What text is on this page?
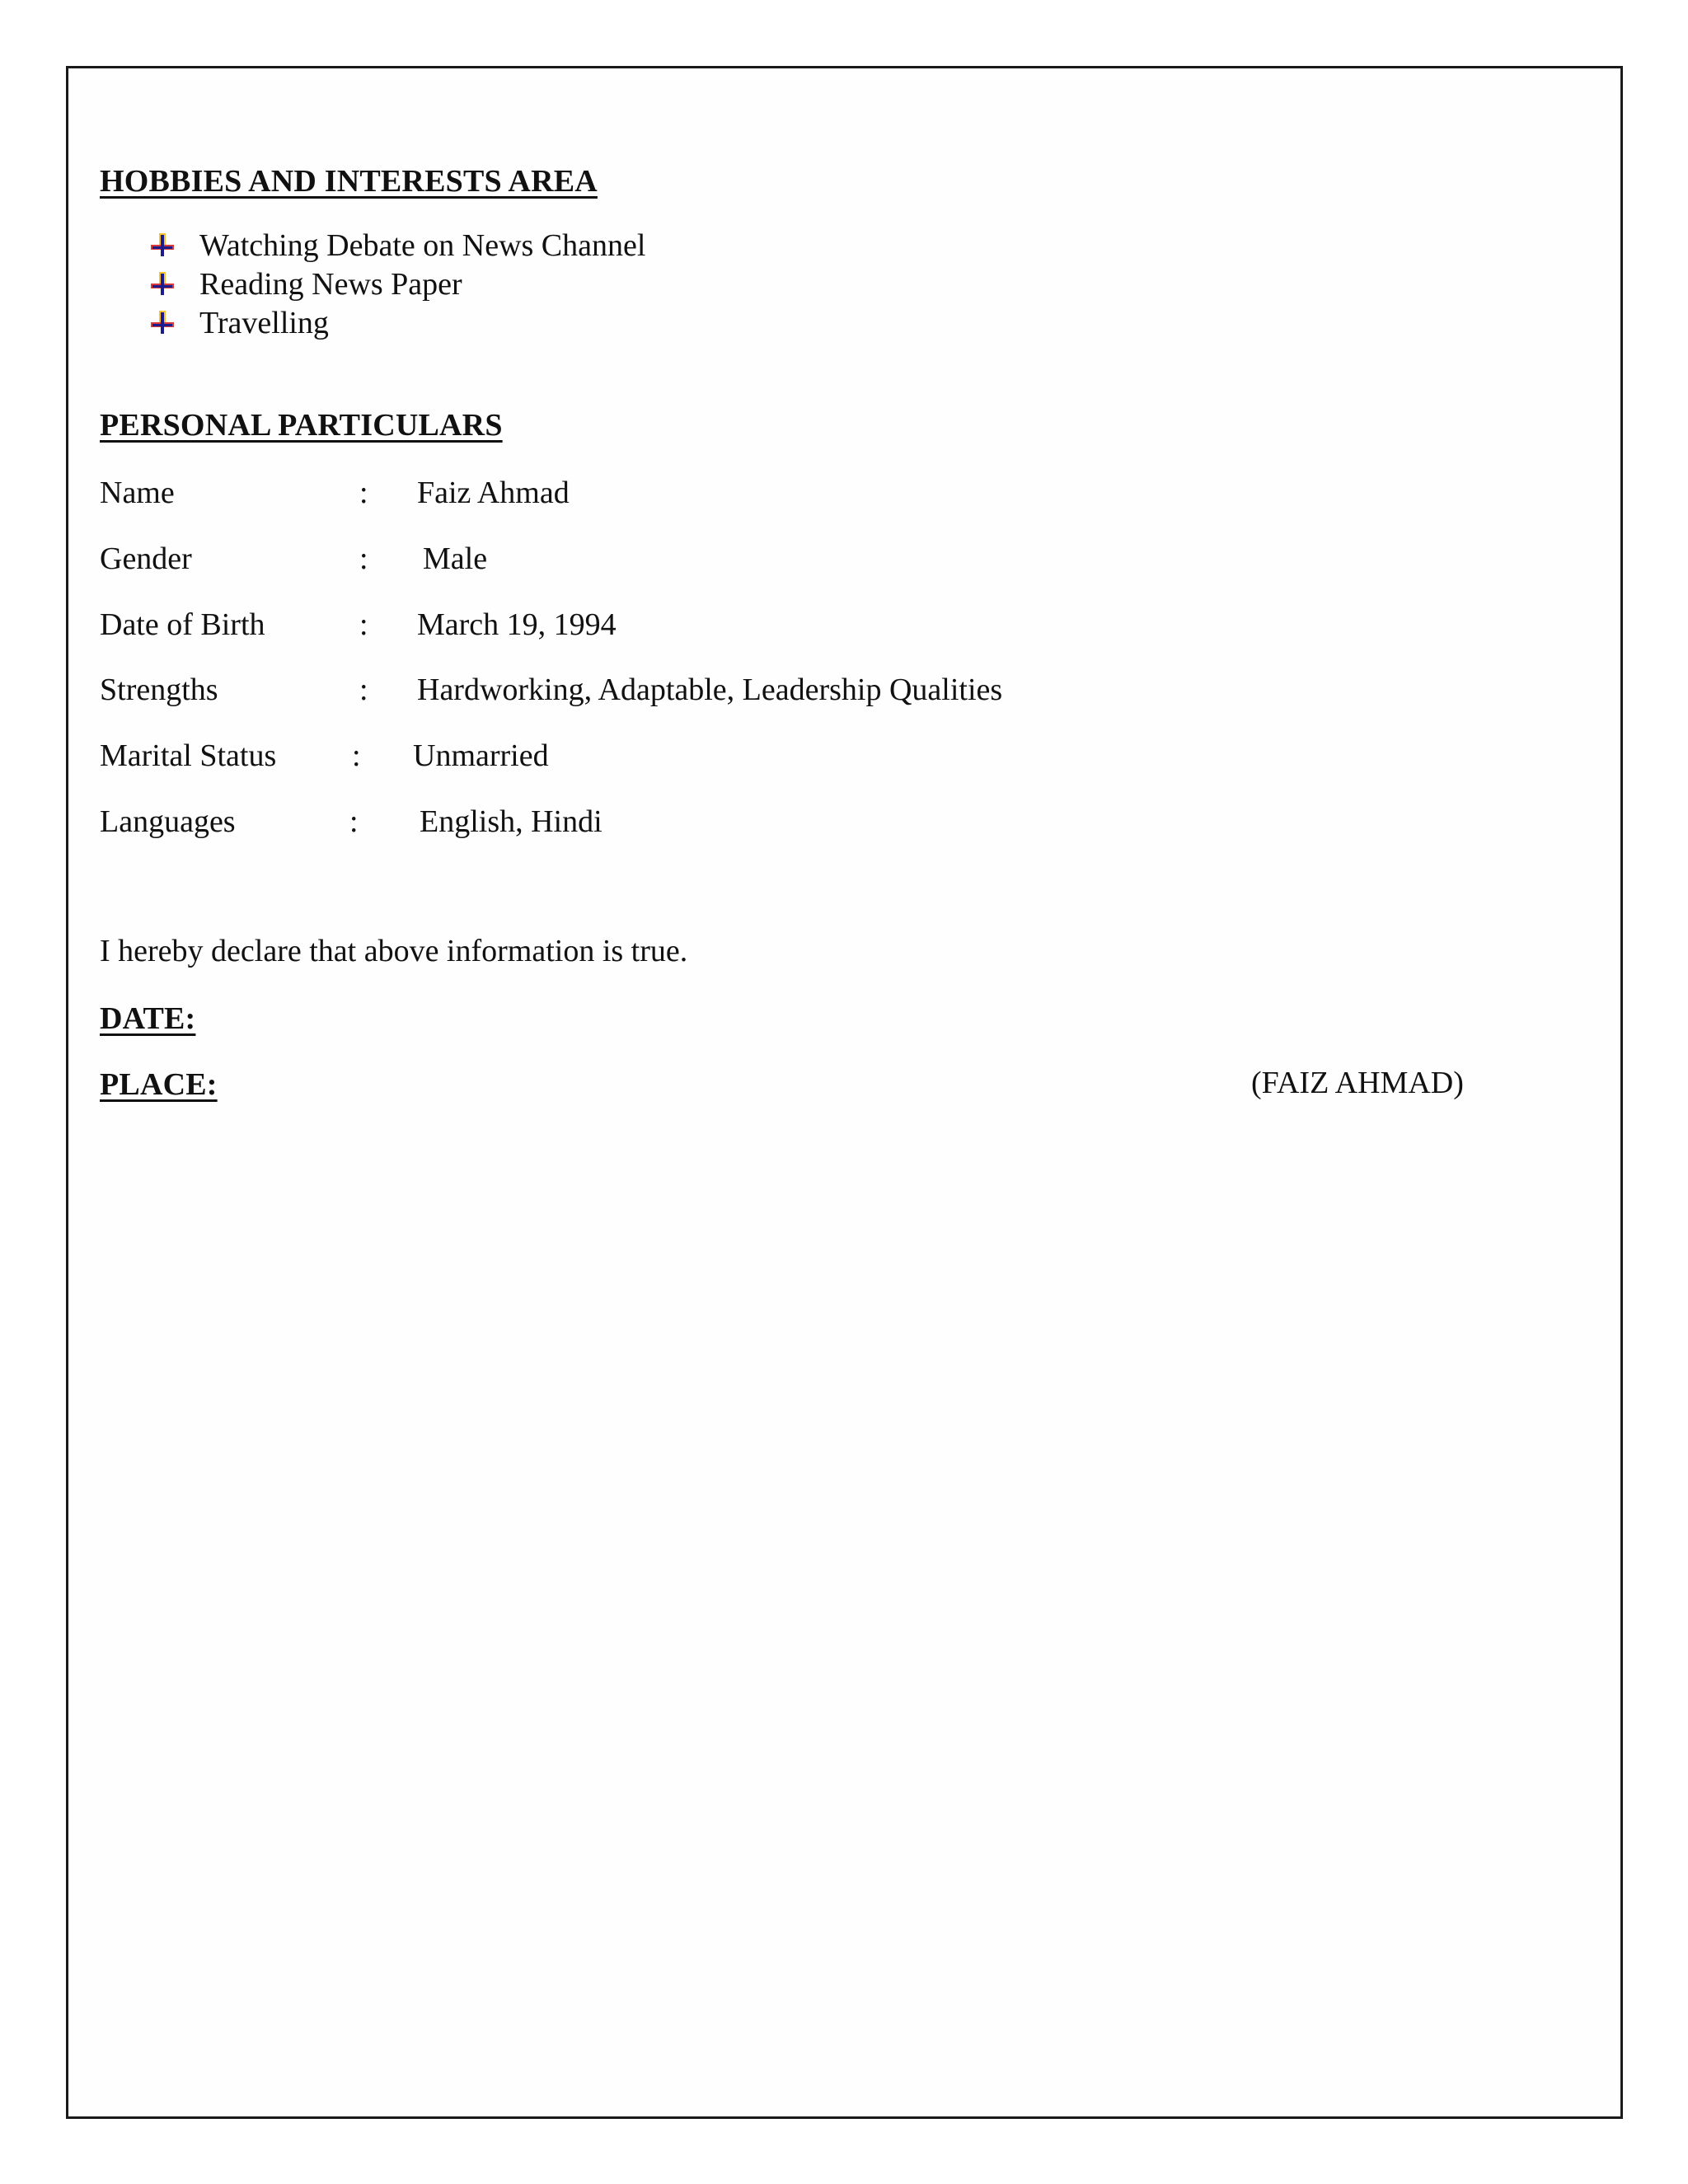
HOBBIES AND INTERESTS AREA
Watching Debate on News Channel
Reading News Paper
Travelling
PERSONAL PARTICULARS
Name	: Faiz Ahmad
Gender	: Male
Date of Birth	: March 19, 1994
Strengths	: Hardworking, Adaptable, Leadership Qualities
Marital Status : Unmarried
Languages	: English, Hindi
I hereby declare that above information is true.
DATE:
PLACE:	(FAIZ AHMAD)
